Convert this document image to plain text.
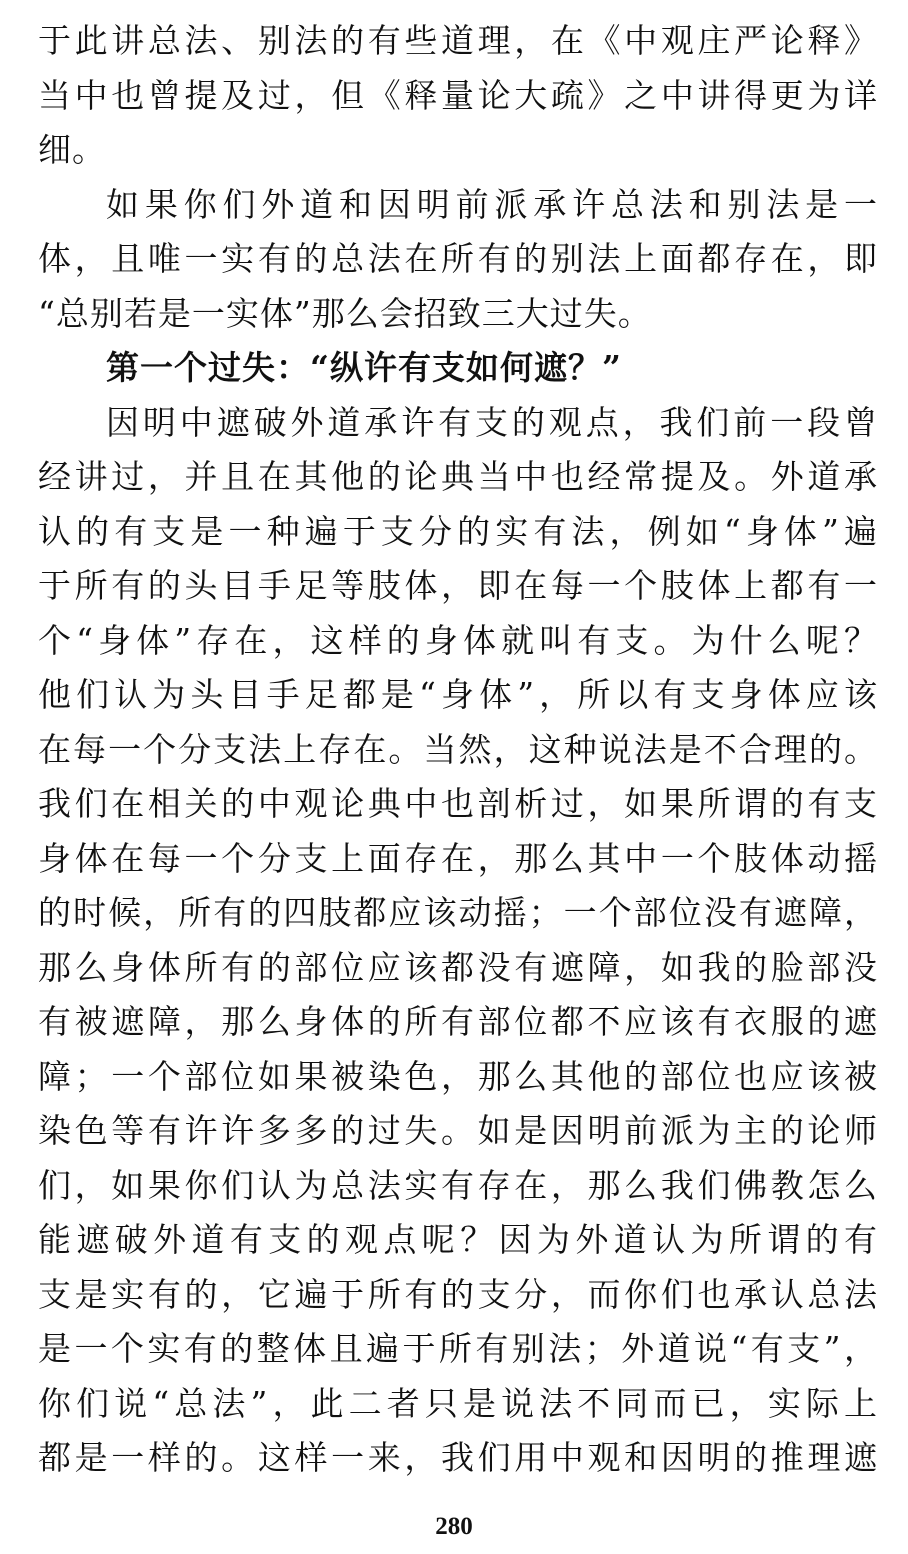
于此讲总法、别法的有些道理，在《中观庄严论释》
当中也曾提及过，但《释量论大疏》之中讲得更为详
细。
如果你们外道和因明前派承许总法和别法是一
体，且唯一实有的总法在所有的别法上面都存在，即
“总别若是一实体”那么会招致三大过失。
第一个过失：“纵许有支如何遮？”
因明中遮破外道承许有支的观点，我们前一段曾
经讲过，并且在其他的论典当中也经常提及。外道承
认的有支是一种遍于支分的实有法，例如“身体”遍
于所有的头目手足等肢体，即在每一个肢体上都有一
个“身体”存在，这样的身体就叫有支。为什么呢？
他们认为头目手足都是“身体”，所以有支身体应该
在每一个分支法上存在。当然，这种说法是不合理的。
我们在相关的中观论典中也剖析过，如果所谓的有支
身体在每一个分支上面存在，那么其中一个肢体动摇
的时候，所有的四肢都应该动摇；一个部位没有遮障，
那么身体所有的部位应该都没有遮障，如我的脸部没
有被遮障，那么身体的所有部位都不应该有衣服的遮
障；一个部位如果被染色，那么其他的部位也应该被
染色等有许许多多的过失。如是因明前派为主的论师
们，如果你们认为总法实有存在，那么我们佛教怎么
能遮破外道有支的观点呢？因为外道认为所谓的有
支是实有的，它遍于所有的支分，而你们也承认总法
是一个实有的整体且遍于所有别法；外道说“有支”，
你们说“总法”，此二者只是说法不同而已，实际上
都是一样的。这样一来，我们用中观和因明的推理遮
280
